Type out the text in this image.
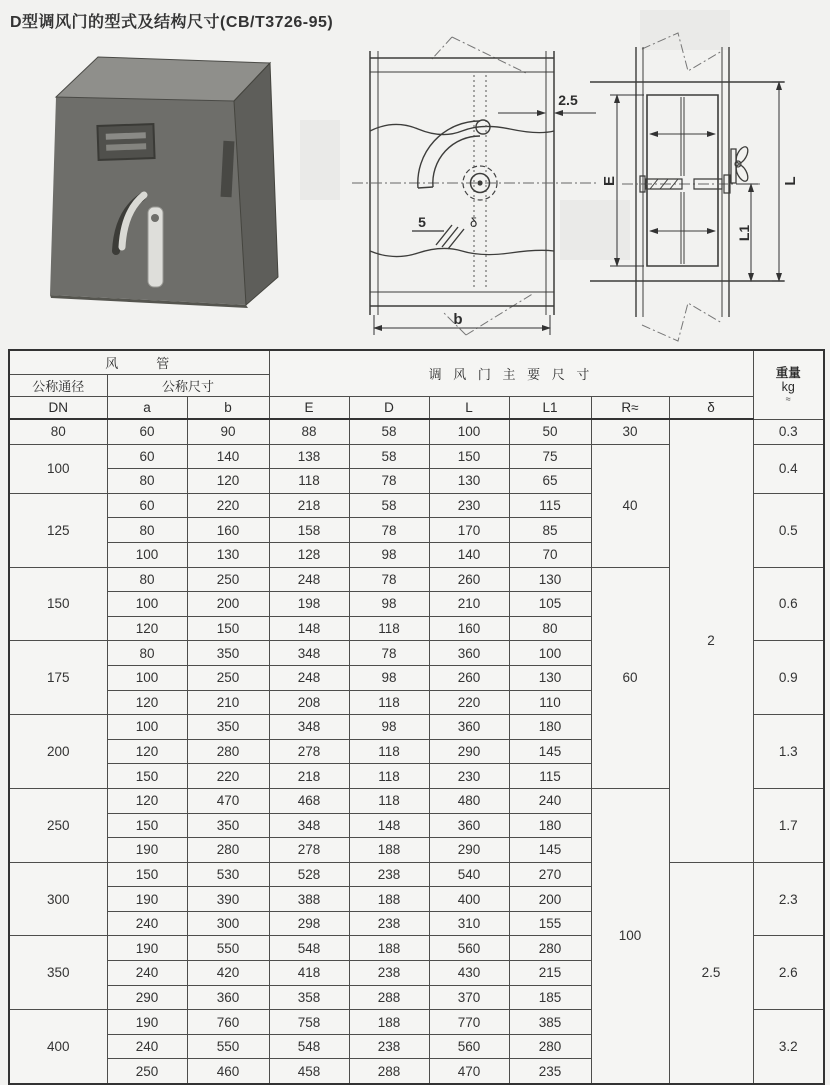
D型调风门的型式及结构尺寸(CB/T3726-95)
2.5
5	δ
b
E	L
L1
风　　管			调 风 门 主 要 尺 寸						重量
kg
≈

公称通径	公称尺寸								
DN	a	b	E	D	L	L1	R≈	δ	
80	60	90	88	58	100	50	30	2	0.3
100	60	140	138	58	150	75	40		0.4
	80	120	118	78	130	65			
125	60	220	218	58	230	115			0.5
	80	160	158	78	170	85			
	100	130	128	98	140	70			
150	80	250	248	78	260	130	60		0.6
	100	200	198	98	210	105			
	120	150	148	118	160	80			
175	80	350	348	78	360	100			0.9
	100	250	248	98	260	130			
	120	210	208	118	220	110			
200	100	350	348	98	360	180			1.3
	120	280	278	118	290	145			
	150	220	218	118	230	115			
250	120	470	468	118	480	240	100		1.7
	150	350	348	148	360	180			
	190	280	278	188	290	145			
300	150	530	528	238	540	270		2.5	2.3
	190	390	388	188	400	200			
	240	300	298	238	310	155			
350	190	550	548	188	560	280			2.6
	240	420	418	238	430	215			
	290	360	358	288	370	185			
400	190	760	758	188	770	385			3.2
	240	550	548	238	560	280			
	250	460	458	288	470	235			
